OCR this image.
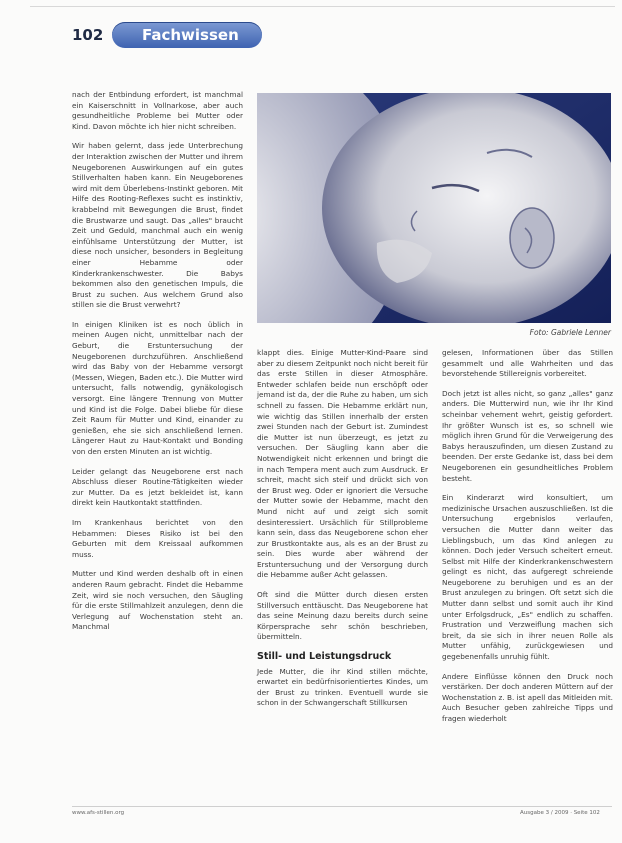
102	Fachwissen

nach der Entbindung erfordert, ist manchmal ein Kaiserschnitt in Vollnarkose, aber auch gesundheitliche Probleme bei Mutter oder Kind. Davon möchte ich hier nicht schreiben.

Wir haben gelernt, dass jede Unterbrechung der Interaktion zwischen der Mutter und ihrem Neugeborenen Auswirkungen auf ein gutes Stillverhalten haben kann. Ein Neugeborenes wird mit dem Überlebens-Instinkt geboren. Mit Hilfe des Rooting-Reflexes sucht es instinktiv, krabbelnd mit Bewegungen die Brust, findet die Brustwarze und saugt. Das „alles" braucht Zeit und Geduld, manchmal auch ein wenig einfühlsame Unterstützung der Mutter, ist diese noch unsicher, besonders in Begleitung einer Hebamme oder Kinderkrankenschwester. Die Babys bekommen also den genetischen Impuls, die Brust zu suchen. Aus welchem Grund also stillen sie die Brust verwehrt?

In einigen Kliniken ist es noch üblich in meinen Augen nicht, unmittelbar nach der Geburt, die Erstuntersuchung der Neugeborenen durchzuführen. Anschließend wird das Baby von der Hebamme versorgt (Messen, Wiegen, Baden etc.). Die Mutter wird untersucht, falls notwendig, gynäkologisch versorgt. Eine längere Trennung von Mutter und Kind ist die Folge. Dabei bliebe für diese Zeit Raum für Mutter und Kind, einander zu genießen, ehe sie sich anschließend lernen. Längerer Haut zu Haut-Kontakt und Bonding von den ersten Minuten an ist wichtig.

Leider gelangt das Neugeborene erst nach Abschluss dieser Routine-Tätigkeiten wieder zur Mutter. Da es jetzt bekleidet ist, kann direkt kein Hautkontakt stattfinden.

Im Krankenhaus berichtet von den Hebammen: Dieses Risiko ist bei den Geburten mit dem Kreissaal aufkommen muss.

Mutter und Kind werden deshalb oft in einen anderen Raum gebracht. Findet die Hebamme Zeit, wird sie noch versuchen, den Säugling für die erste Stillmahlzeit anzulegen, denn die Verlegung auf Wochenstation steht an. Manchmal

Foto: Gabriele Lenner

klappt dies. Einige Mutter-Kind-Paare sind aber zu diesem Zeitpunkt noch nicht bereit für das erste Stillen in dieser Atmosphäre. Entweder schlafen beide nun erschöpft oder jemand ist da, der die Ruhe zu haben, um sich schnell zu fassen. Die Hebamme erklärt nun, wie wichtig das Stillen innerhalb der ersten zwei Stunden nach der Geburt ist. Zumindest die Mutter ist nun überzeugt, es jetzt zu versuchen. Der Säugling kann aber die Notwendigkeit nicht erkennen und bringt die in nach Tempera ment auch zum Ausdruck. Er schreit, macht sich steif und drückt sich von der Brust weg. Oder er ignoriert die Versuche der Mutter sowie der Hebamme, macht den Mund nicht auf und zeigt sich somit desinteressiert. Ursächlich für Stillprobleme kann sein, dass das Neugeborene schon eher zur Brustkontakte aus, als es an der Brust zu sein. Dies wurde aber während der Erstuntersuchung und der Versorgung durch die Hebamme außer Acht gelassen.

Oft sind die Mütter durch diesen ersten Stillversuch enttäuscht. Das Neugeborene hat das seine Meinung dazu bereits durch seine Körpersprache sehr schön beschrieben, übermitteln.

Still- und Leistungsdruck

Jede Mutter, die ihr Kind stillen möchte, erwartet ein bedürfnisorientiertes Kindes, um der Brust zu trinken. Eventuell wurde sie schon in der Schwangerschaft Stillkursen

gelesen, Informationen über das Stillen gesammelt und alle Wahrheiten und das bevorstehende Stillereignis vorbereitet.

Doch jetzt ist alles nicht, so ganz „alles" ganz anders. Die Mutterwird nun, wie ihr Ihr Kind scheinbar vehement wehrt, geistig gefordert. Ihr größter Wunsch ist es, so schnell wie möglich ihren Grund für die Verweigerung des Babys herauszufinden, um diesen Zustand zu beenden. Der erste Gedanke ist, dass bei dem Neugeborenen ein gesundheitliches Problem besteht.

Ein Kinderarzt wird konsultiert, um medizinische Ursachen auszuschließen. Ist die Untersuchung ergebnislos verlaufen, versuchen die Mutter dann weiter das Lieblingsbuch, um das Kind anlegen zu können. Doch jeder Versuch scheitert erneut. Selbst mit Hilfe der Kinderkrankenschwestern gelingt es nicht, das aufgeregt schreiende Neugeborene zu beruhigen und es an der Brust anzulegen zu bringen. Oft setzt sich die Mutter dann selbst und somit auch ihr Kind unter Erfolgsdruck, „Es" endlich zu schaffen. Frustration und Verzweiflung machen sich breit, da sie sich in ihrer neuen Rolle als Mutter unfähig, zurückgewiesen und gegebenenfalls unruhig fühlt.

Andere Einflüsse können den Druck noch verstärken. Der doch anderen Müttern auf der Wochenstation z. B. ist apell das Mitleiden mit. Auch Besucher geben zahlreiche Tipps und fragen wiederholt

www.afs-stillen.org	Ausgabe 3 / 2009 · Seite 102
